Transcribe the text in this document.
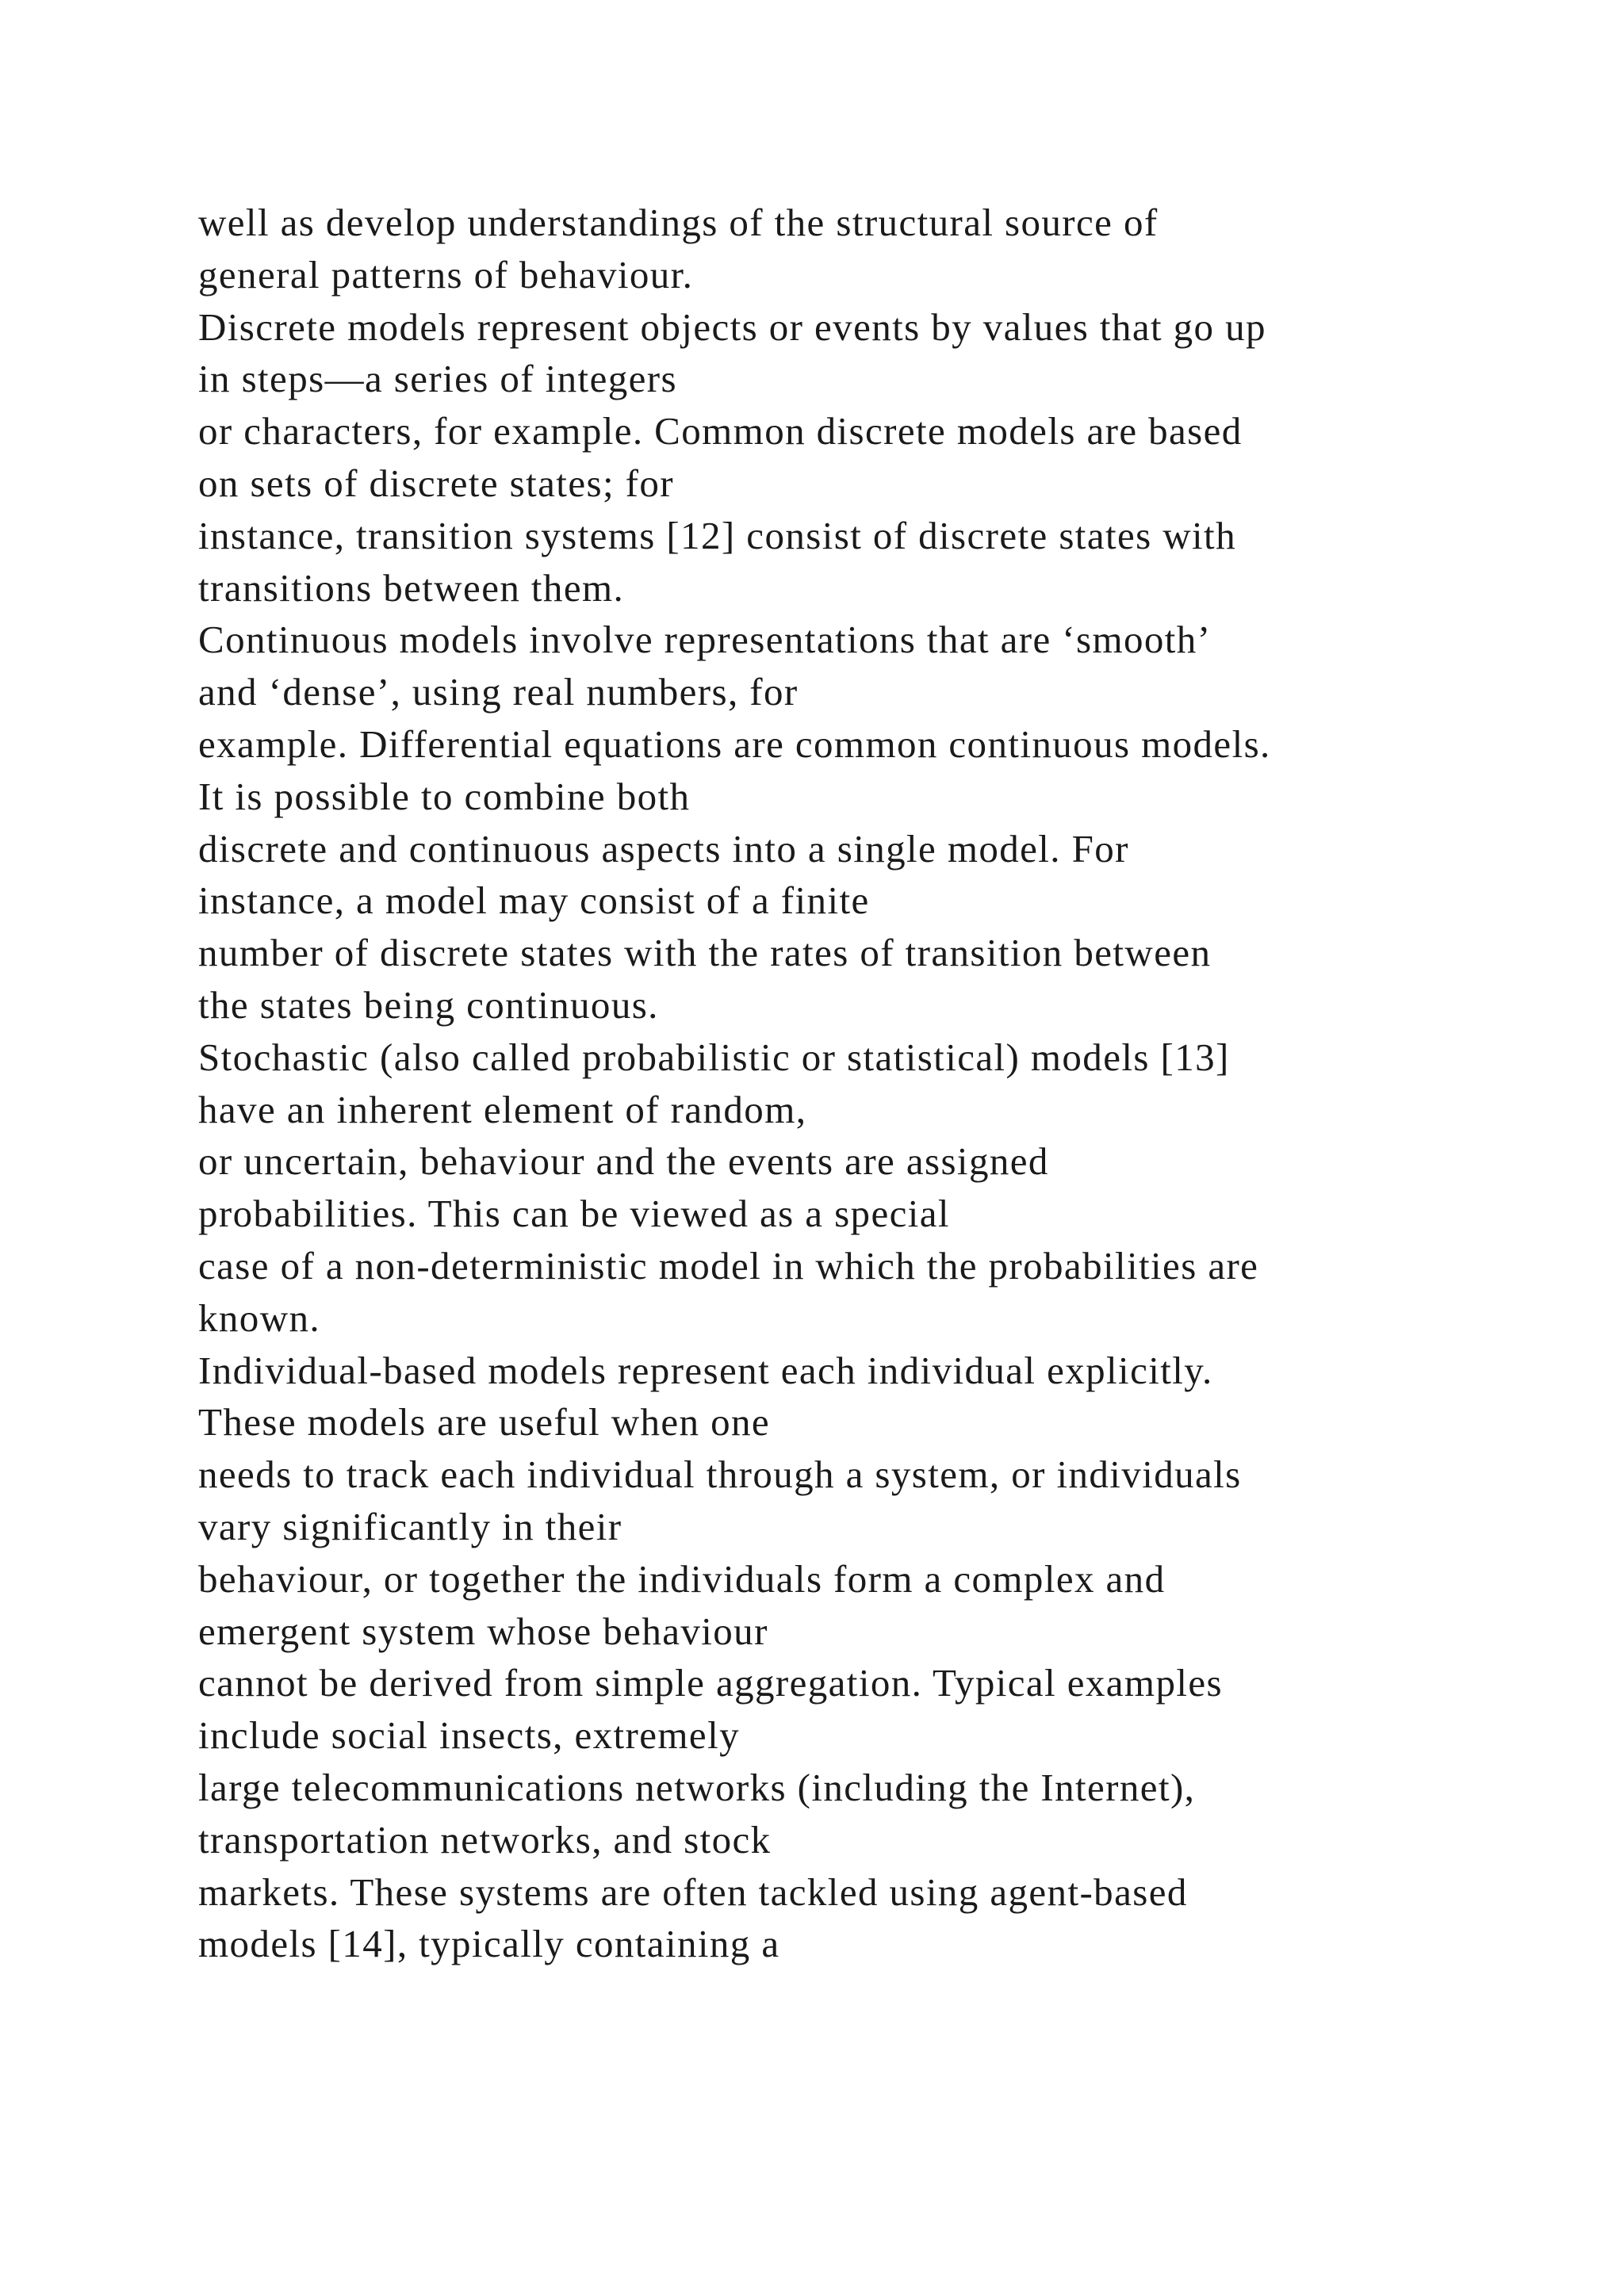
well as develop understandings of the structural source of
general patterns of behaviour.
Discrete models represent objects or events by values that go up
in steps—a series of integers
or characters, for example. Common discrete models are based
on sets of discrete states; for
instance, transition systems [12] consist of discrete states with
transitions between them.
Continuous models involve representations that are ‘smooth’
and ‘dense’, using real numbers, for
example. Differential equations are common continuous models.
It is possible to combine both
discrete and continuous aspects into a single model. For
instance, a model may consist of a finite
number of discrete states with the rates of transition between
the states being continuous.
Stochastic (also called probabilistic or statistical) models [13]
have an inherent element of random,
or uncertain, behaviour and the events are assigned
probabilities. This can be viewed as a special
case of a non-deterministic model in which the probabilities are
known.
Individual-based models represent each individual explicitly.
These models are useful when one
needs to track each individual through a system, or individuals
vary significantly in their
behaviour, or together the individuals form a complex and
emergent system whose behaviour
cannot be derived from simple aggregation. Typical examples
include social insects, extremely
large telecommunications networks (including the Internet),
transportation networks, and stock
markets. These systems are often tackled using agent-based
models [14], typically containing a
